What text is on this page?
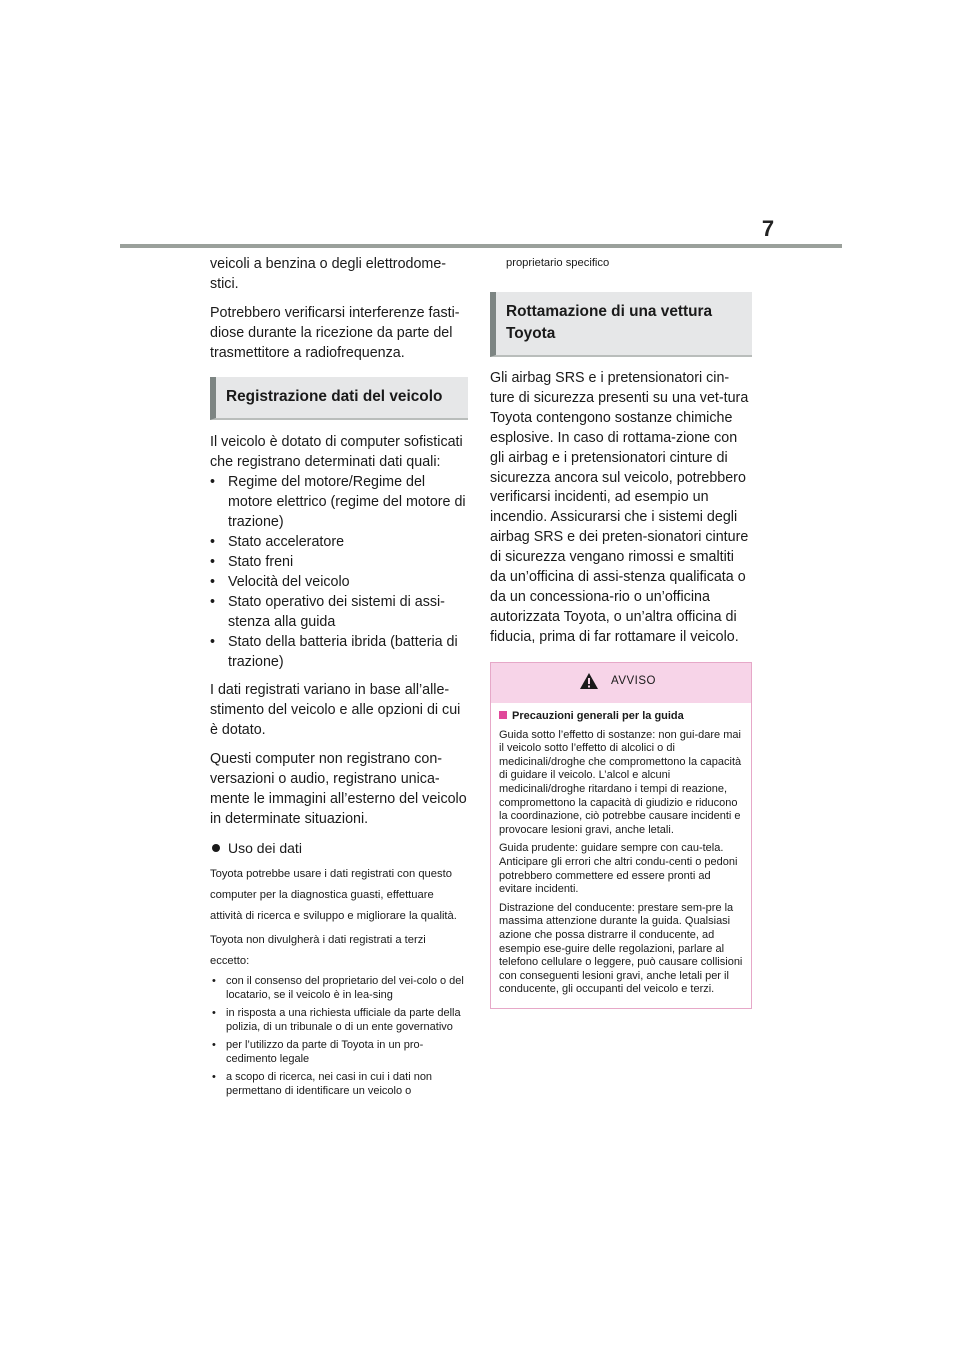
7

veicoli a benzina o degli elettrodome-stici.

Potrebbero verificarsi interferenze fasti-diose durante la ricezione da parte del trasmettitore a radiofrequenza.

Registrazione dati del veicolo

Il veicolo è dotato di computer sofisticati che registrano determinati dati quali:

• Regime del motore/Regime del motore elettrico (regime del motore di trazione)
• Stato acceleratore
• Stato freni
• Velocità del veicolo
• Stato operativo dei sistemi di assi-stenza alla guida
• Stato della batteria ibrida (batteria di trazione)

I dati registrati variano in base all’alle-stimento del veicolo e alle opzioni di cui è dotato.

Questi computer non registrano con-versazioni o audio, registrano unica-mente le immagini all’esterno del veicolo in determinate situazioni.

Uso dei dati

Toyota potrebbe usare i dati registrati con questo computer per la diagnostica guasti, effettuare attività di ricerca e sviluppo e migliorare la qualità.

Toyota non divulgherà i dati registrati a terzi eccetto:

• con il consenso del proprietario del vei-colo o del locatario, se il veicolo è in lea-sing
• in risposta a una richiesta ufficiale da parte della polizia, di un tribunale o di un ente governativo
• per l’utilizzo da parte di Toyota in un pro-cedimento legale
• a scopo di ricerca, nei casi in cui i dati non permettano di identificare un veicolo o

proprietario specifico

Rottamazione di una vettura Toyota

Gli airbag SRS e i pretensionatori cin-ture di sicurezza presenti su una vet-tura Toyota contengono sostanze chimiche esplosive. In caso di rottama-zione con gli airbag e i pretensionatori cinture di sicurezza ancora sul veicolo, potrebbero verificarsi incidenti, ad esempio un incendio. Assicurarsi che i sistemi degli airbag SRS e dei preten-sionatori cinture di sicurezza vengano rimossi e smaltiti da un’officina di assi-stenza qualificata o da un concessiona-rio o un’officina autorizzata Toyota, o un’altra officina di fiducia, prima di far rottamare il veicolo.

AVVISO
Precauzioni generali per la guida

Guida sotto l’effetto di sostanze: non gui-dare mai il veicolo sotto l’effetto di alcolici o di medicinali/droghe che compromettono la capacità di guidare il veicolo. L’alcol e alcuni medicinali/droghe ritardano i tempi di reazione, compromettono la capacità di giudizio e riducono la coordinazione, ciò potrebbe causare incidenti e provocare lesioni gravi, anche letali.

Guida prudente: guidare sempre con cau-tela. Anticipare gli errori che altri condu-centi o pedoni potrebbero commettere ed essere pronti ad evitare incidenti.

Distrazione del conducente: prestare sem-pre la massima attenzione durante la guida. Qualsiasi azione che possa distrarre il conducente, ad esempio ese-guire delle regolazioni, parlare al telefono cellulare o leggere, può causare collisioni con conseguenti lesioni gravi, anche letali per il conducente, gli occupanti del veicolo e terzi.
